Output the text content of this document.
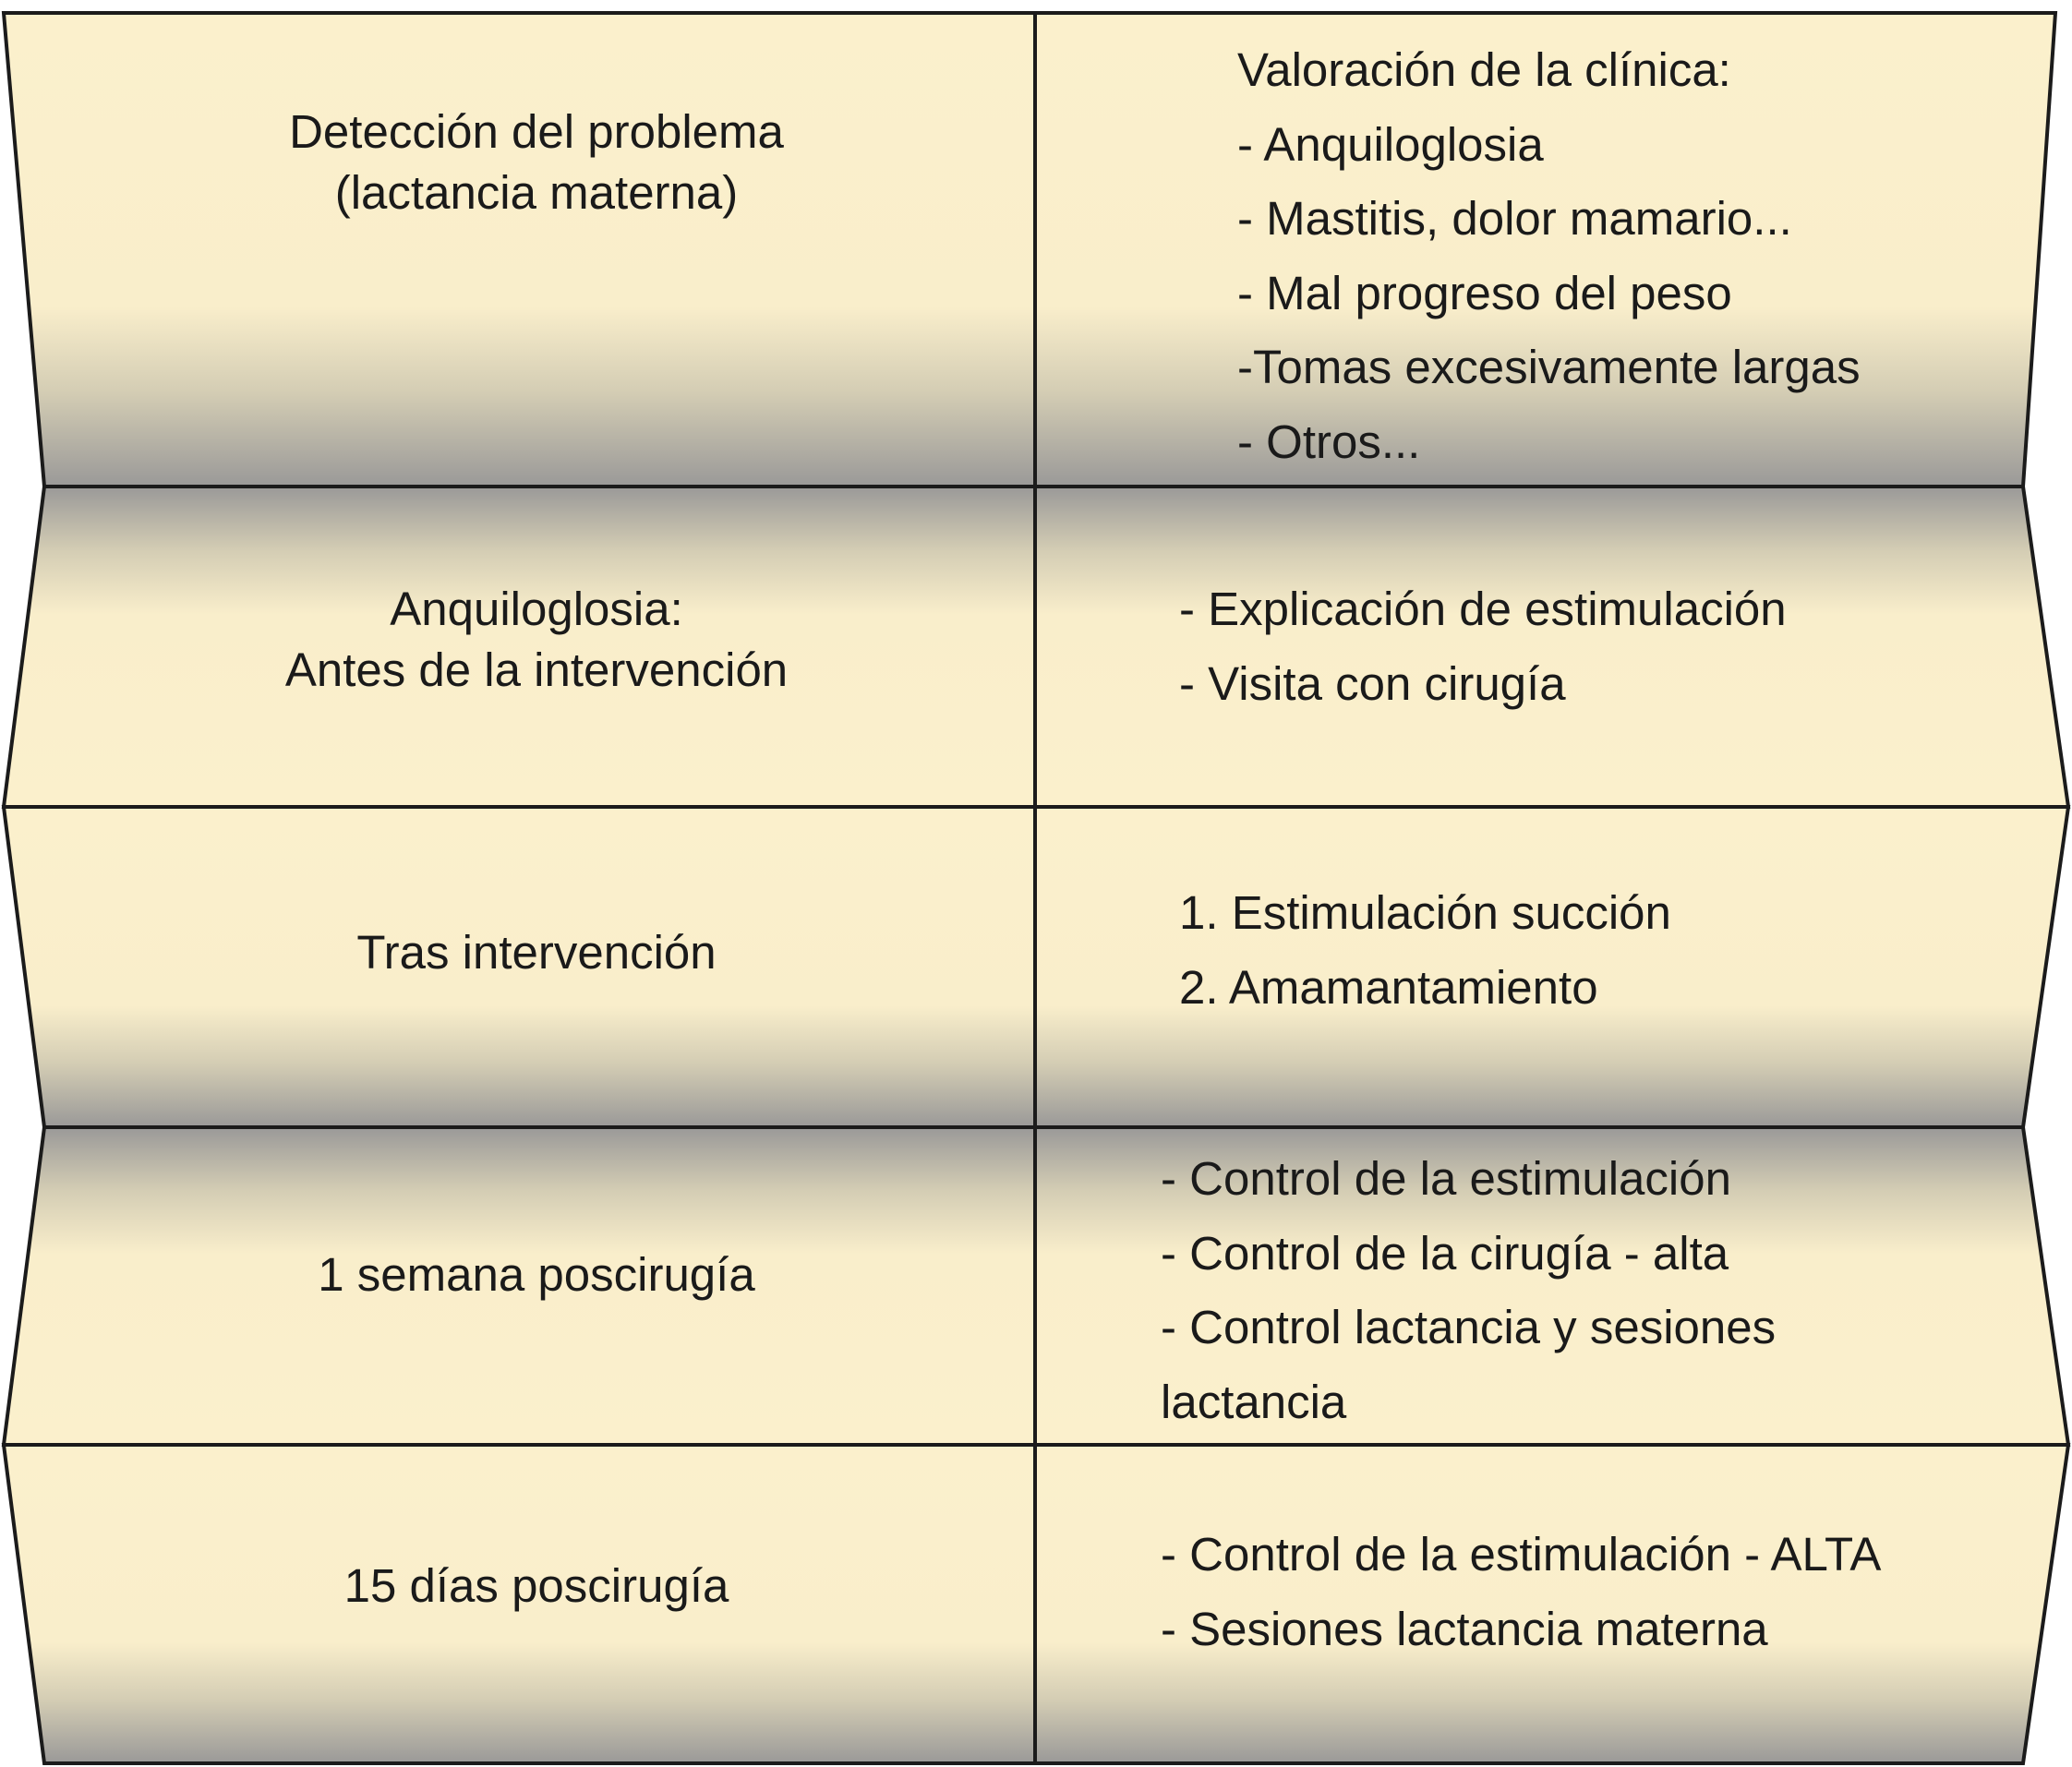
Detección del problema
(lactancia materna)
Valoración de la clínica:
- Anquiloglosia
- Mastitis, dolor mamario...
- Mal progreso del peso
-Tomas excesivamente largas
- Otros...
Anquiloglosia:
Antes de la intervención
- Explicación de estimulación
- Visita con cirugía
Tras intervención
1. Estimulación succión
2. Amamantamiento
1 semana poscirugía
- Control de la estimulación
- Control de la cirugía - alta
- Control lactancia y sesiones
lactancia
15 días poscirugía
- Control de la estimulación - ALTA
- Sesiones lactancia materna
